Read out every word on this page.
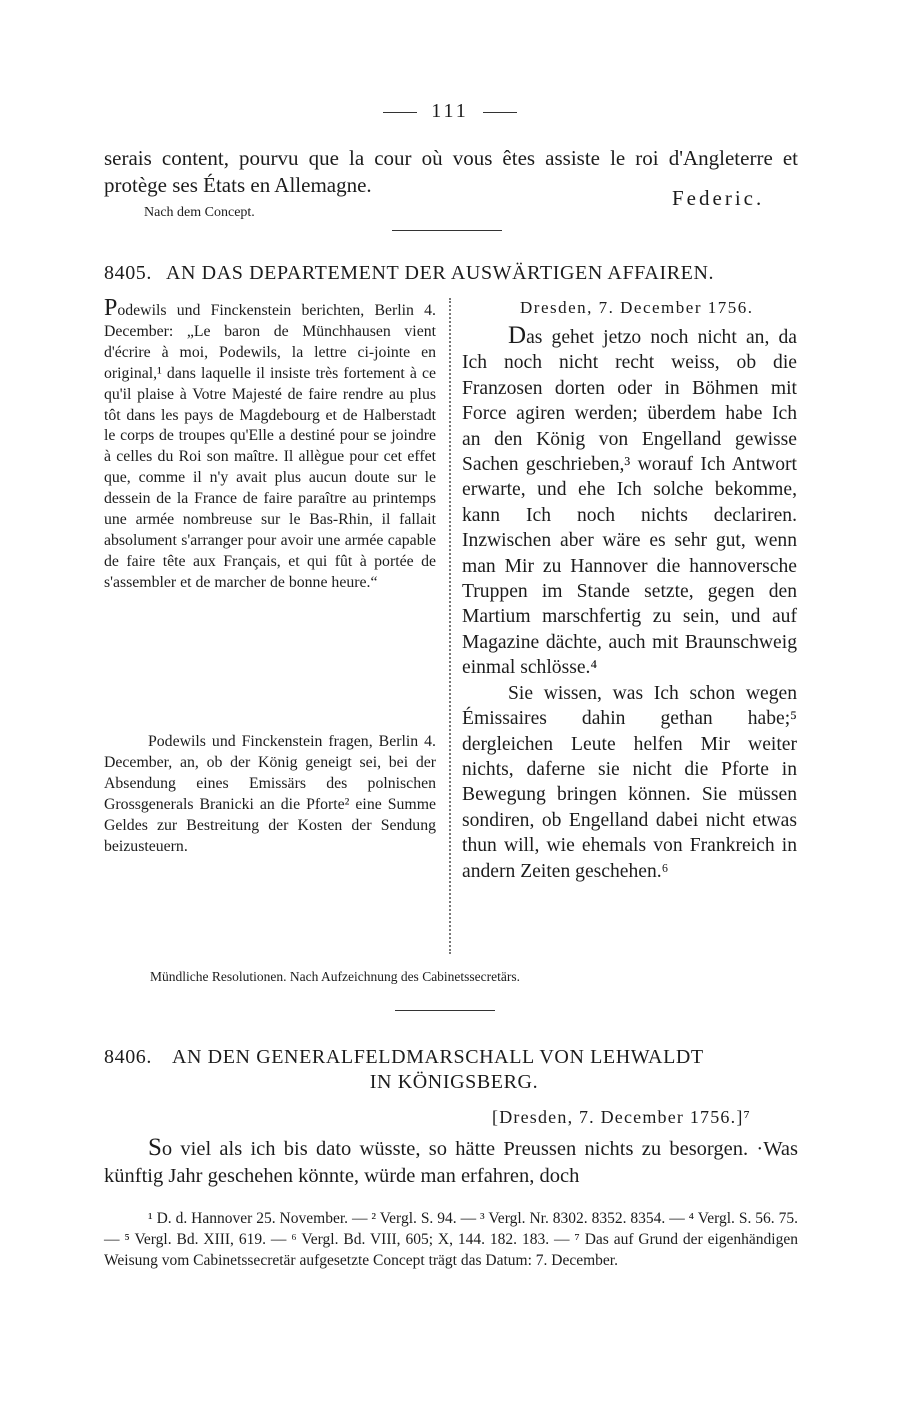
111
serais content, pourvu que la cour où vous êtes assiste le roi d'Angleterre et protège ses États en Allemagne.
Federic.
Nach dem Concept.
8405. AN DAS DEPARTEMENT DER AUSWÄRTIGEN AFFAIREN.

Podewils und Finckenstein berichten, Berlin 4. December: „Le baron de Münchhausen vient d'écrire à moi, Podewils, la lettre ci-jointe en original,¹ dans laquelle il insiste très fortement à ce qu'il plaise à Votre Majesté de faire rendre au plus tôt dans les pays de Magdebourg et de Halberstadt le corps de troupes qu'Elle a destiné pour se joindre à celles du Roi son maître. Il allègue pour cet effet que, comme il n'y avait plus aucun doute sur le dessein de la France de faire paraître au printemps une armée nombreuse sur le Bas-Rhin, il fallait absolument s'arranger pour avoir une armée capable de faire tête aux Français, et qui fût à portée de s'assembler et de marcher de bonne heure.“

Podewils und Finckenstein fragen, Berlin 4. December, an, ob der König geneigt sei, bei der Absendung eines Emissärs des polnischen Grossgenerals Branicki an die Pforte² eine Summe Geldes zur Bestreitung der Kosten der Sendung beizusteuern.

Dresden, 7. December 1756.

Das gehet jetzo noch nicht an, da Ich noch nicht recht weiss, ob die Franzosen dorten oder in Böhmen mit Force agiren werden; überdem habe Ich an den König von Engelland gewisse Sachen geschrieben,³ worauf Ich Antwort erwarte, und ehe Ich solche bekomme, kann Ich noch nichts declariren. Inzwischen aber wäre es sehr gut, wenn man Mir zu Hannover die hannoversche Truppen im Stande setzte, gegen den Martium marschfertig zu sein, und auf Magazine dächte, auch mit Braunschweig einmal schlösse.⁴

Sie wissen, was Ich schon wegen Émissaires dahin gethan habe;⁵ dergleichen Leute helfen Mir weiter nichts, daferne sie nicht die Pforte in Bewegung bringen können. Sie müssen sondiren, ob Engelland dabei nicht etwas thun will, wie ehemals von Frankreich in andern Zeiten geschehen.⁶

Mündliche Resolutionen. Nach Aufzeichnung des Cabinetssecretärs.
8406. AN DEN GENERALFELDMARSCHALL VON LEHWALDT
IN KÖNIGSBERG.
[Dresden, 7. December 1756.]⁷
So viel als ich bis dato wüsste, so hätte Preussen nichts zu besorgen. ·Was künftig Jahr geschehen könnte, würde man erfahren, doch
¹ D. d. Hannover 25. November. — ² Vergl. S. 94. — ³ Vergl. Nr. 8302. 8352. 8354. — ⁴ Vergl. S. 56. 75. — ⁵ Vergl. Bd. XIII, 619. — ⁶ Vergl. Bd. VIII, 605; X, 144. 182. 183. — ⁷ Das auf Grund der eigenhändigen Weisung vom Cabinetssecretär aufgesetzte Concept trägt das Datum: 7. December.
